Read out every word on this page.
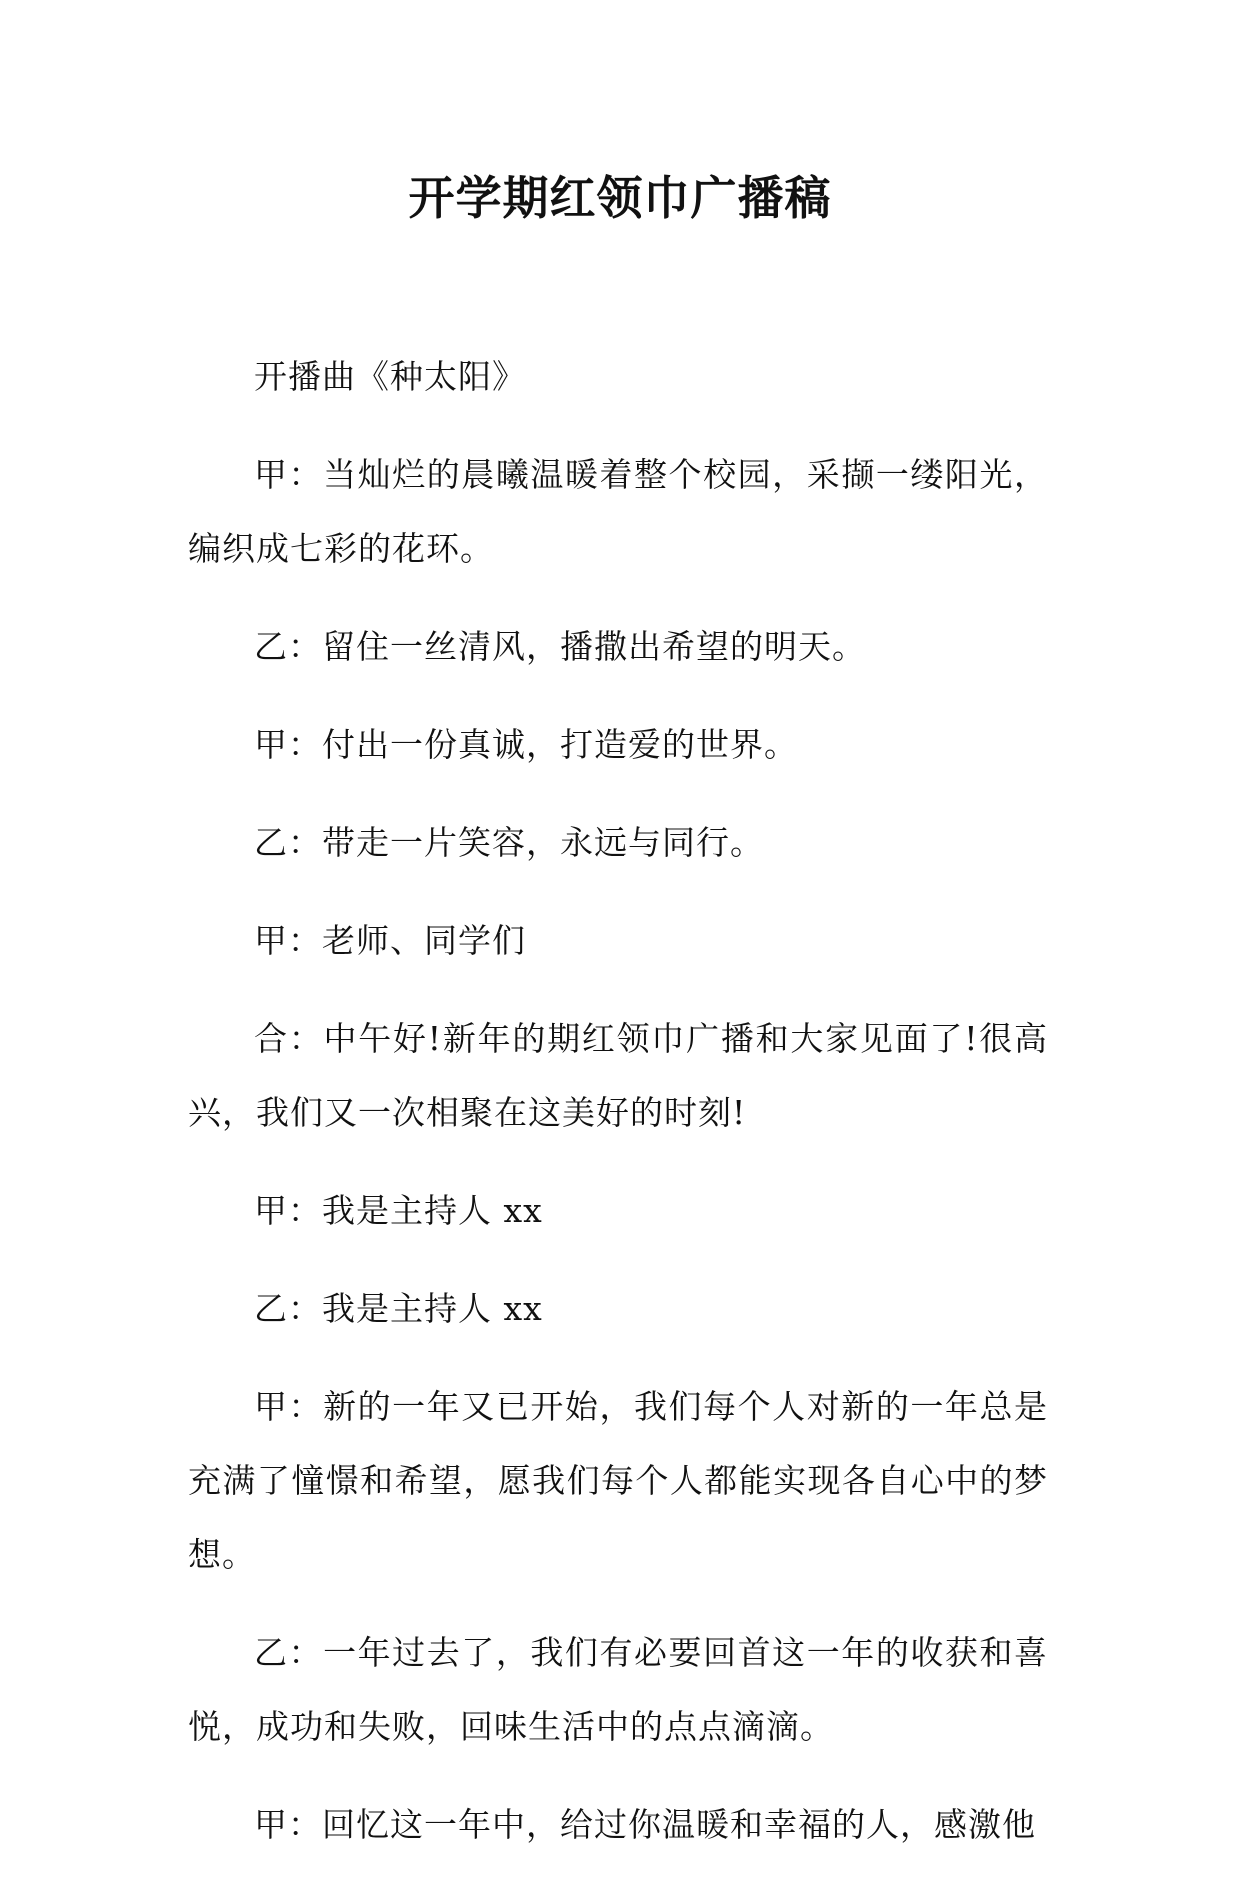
开学期红领巾广播稿

开播曲《种太阳》

甲：当灿烂的晨曦温暖着整个校园，采撷一缕阳光，编织成七彩的花环。

乙：留住一丝清风，播撒出希望的明天。

甲：付出一份真诚，打造爱的世界。

乙：带走一片笑容，永远与同行。

甲：老师、同学们

合：中午好!新年的期红领巾广播和大家见面了!很高兴，我们又一次相聚在这美好的时刻!

甲：我是主持人 xx

乙：我是主持人 xx

甲：新的一年又已开始，我们每个人对新的一年总是充满了憧憬和希望，愿我们每个人都能实现各自心中的梦想。

乙：一年过去了，我们有必要回首这一年的收获和喜悦，成功和失败，回味生活中的点点滴滴。

甲：回忆这一年中，给过你温暖和幸福的人，感激他
